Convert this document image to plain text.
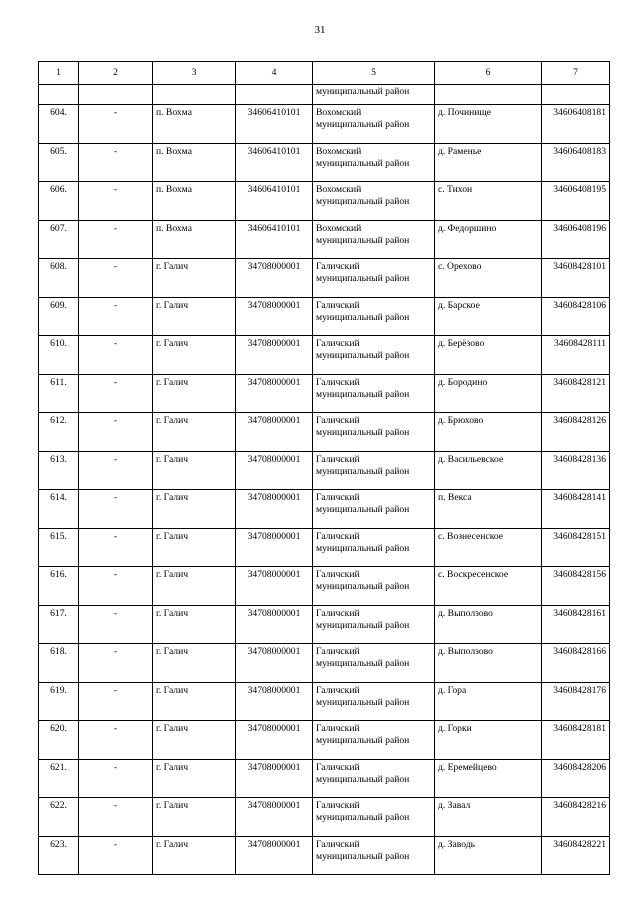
31
1	2	3	4	5	6	7
				муниципальный район		
604.	-	п. Вохма	34606410101	Вохомский
муниципальный район	д. Починище	34606408181
605.	-	п. Вохма	34606410101	Вохомский
муниципальный район	д. Раменье	34606408183
606.	-	п. Вохма	34606410101	Вохомский
муниципальный район	с. Тихон	34606408195
607.	-	п. Вохма	34606410101	Вохомский
муниципальный район	д. Федоршино	34606408196
608.	-	г. Галич	34708000001	Галичский
муниципальный район	с. Орехово	34608428101
609.	-	г. Галич	34708000001	Галичский
муниципальный район	д. Барское	34608428106
610.	-	г. Галич	34708000001	Галичский
муниципальный район	д. Берёзово	34608428111
611.	-	г. Галич	34708000001	Галичский
муниципальный район	д. Бородино	34608428121
612.	-	г. Галич	34708000001	Галичский
муниципальный район	д. Брюхово	34608428126
613.	-	г. Галич	34708000001	Галичский
муниципальный район	д. Васильевское	34608428136
614.	-	г. Галич	34708000001	Галичский
муниципальный район	п. Векса	34608428141
615.	-	г. Галич	34708000001	Галичский
муниципальный район	с. Вознесенское	34608428151
616.	-	г. Галич	34708000001	Галичский
муниципальный район	с. Воскресенское	34608428156
617.	-	г. Галич	34708000001	Галичский
муниципальный район	д. Выползово	34608428161
618.	-	г. Галич	34708000001	Галичский
муниципальный район	д. Выползово	34608428166
619.	-	г. Галич	34708000001	Галичский
муниципальный район	д. Гора	34608428176
620.	-	г. Галич	34708000001	Галичский
муниципальный район	д. Горки	34608428181
621.	-	г. Галич	34708000001	Галичский
муниципальный район	д. Еремейцево	34608428206
622.	-	г. Галич	34708000001	Галичский
муниципальный район	д. Завал	34608428216
623.	-	г. Галич	34708000001	Галичский
муниципальный район	д. Заводь	34608428221
